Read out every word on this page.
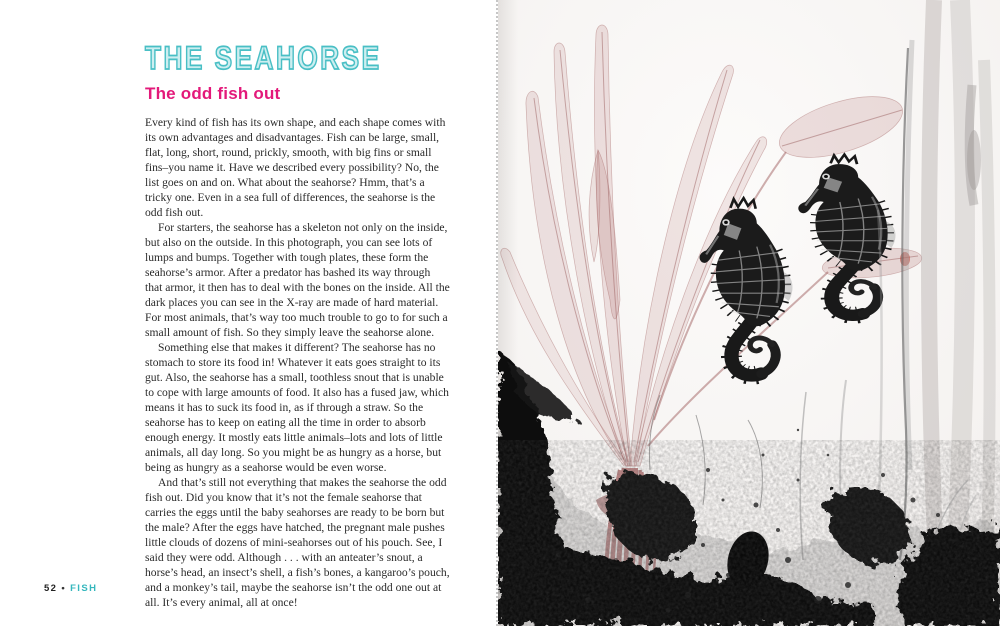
THE SEAHORSE
The odd fish out

Every kind of fish has its own shape, and each shape comes with its own advantages and disadvantages. Fish can be large, small, flat, long, short, round, prickly, smooth, with big fins or small fins–you name it. Have we described every possibility? No, the list goes on and on. What about the seahorse? Hmm, that’s a tricky one. Even in a sea full of differences, the seahorse is the odd fish out.

For starters, the seahorse has a skeleton not only on the inside, but also on the outside. In this photograph, you can see lots of lumps and bumps. Together with tough plates, these form the seahorse’s armor. After a predator has bashed its way through that armor, it then has to deal with the bones on the inside. All the dark places you can see in the X-ray are made of hard material. For most animals, that’s way too much trouble to go to for such a small amount of fish. So they simply leave the seahorse alone.

Something else that makes it different? The seahorse has no stomach to store its food in! Whatever it eats goes straight to its gut. Also, the seahorse has a small, toothless snout that is unable to cope with large amounts of food. It also has a fused jaw, which means it has to suck its food in, as if through a straw. So the seahorse has to keep on eating all the time in order to absorb enough energy. It mostly eats little animals–lots and lots of little animals, all day long. So you might be as hungry as a horse, but being as hungry as a seahorse would be even worse.

And that’s still not everything that makes the seahorse the odd fish out. Did you know that it’s not the female seahorse that carries the eggs until the baby seahorses are ready to be born but the male? After the eggs have hatched, the pregnant male pushes little clouds of dozens of mini-seahorses out of his pouch. See, I said they were odd. Although . . . with an anteater’s snout, a horse’s head, an insect’s shell, a fish’s bones, a kangaroo’s pouch, and a monkey’s tail, maybe the seahorse isn’t the odd one out at all. It’s every animal, all at once!

52 • FISH
